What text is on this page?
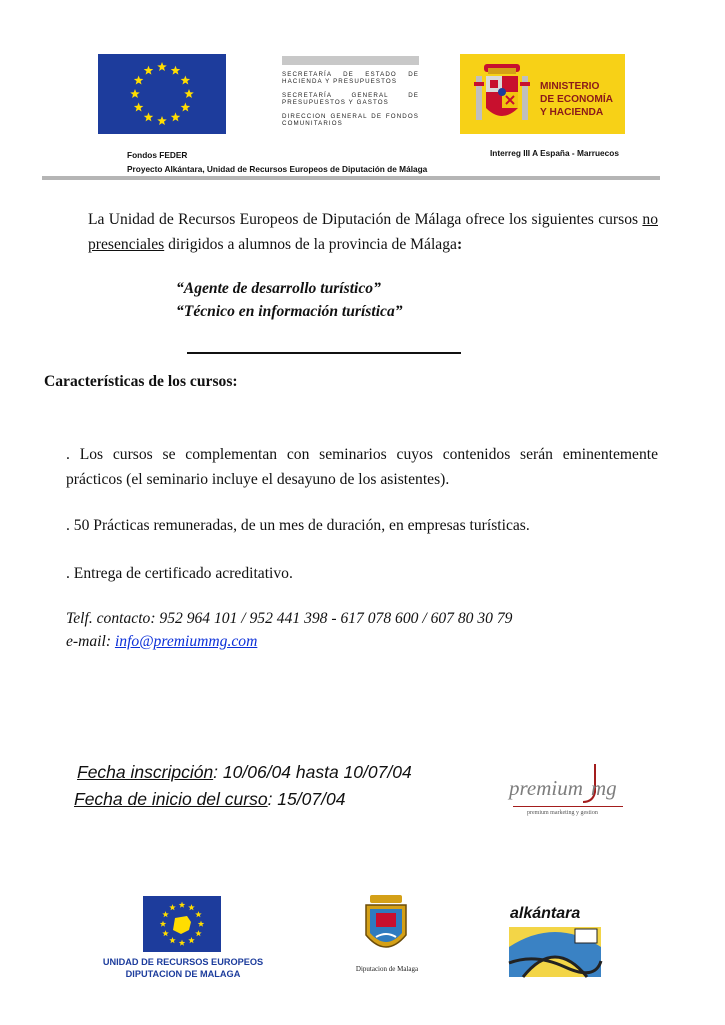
SECRETARÍA DE ESTADO DE HACIENDA Y PRESUPUESTOS
SECRETARÍA GENERAL DE PRESUPUESTOS Y GASTOS
DIRECCION GENERAL DE FONDOS COMUNITARIOS
MINISTERIO
DE ECONOMÍA
Y HACIENDA
Fondos FEDER
Proyecto Alkántara, Unidad de Recursos Europeos de Diputación de Málaga
Interreg III A España - Marruecos
La Unidad de Recursos Europeos de Diputación de Málaga ofrece los siguientes cursos no presenciales dirigidos a alumnos de la provincia de Málaga:
“Agente de desarrollo turístico”
“Técnico en información turística”
Características de los cursos:
. Los cursos se complementan con seminarios cuyos contenidos serán eminentemente prácticos (el seminario incluye el desayuno de los asistentes).
. 50 Prácticas remuneradas, de un mes de duración, en empresas turísticas.
. Entrega de certificado acreditativo.
Telf. contacto: 952 964 101 / 952 441 398 - 617 078 600 / 607 80 30 79
e-mail: info@premiummg.com
Fecha inscripción: 10/06/04 hasta 10/07/04
Fecha de inicio del curso: 15/07/04	premium mg
premium marketing y gestion
UNIDAD DE RECURSOS EUROPEOS
DIPUTACION DE MALAGA	Diputacion de Malaga
alkántara
